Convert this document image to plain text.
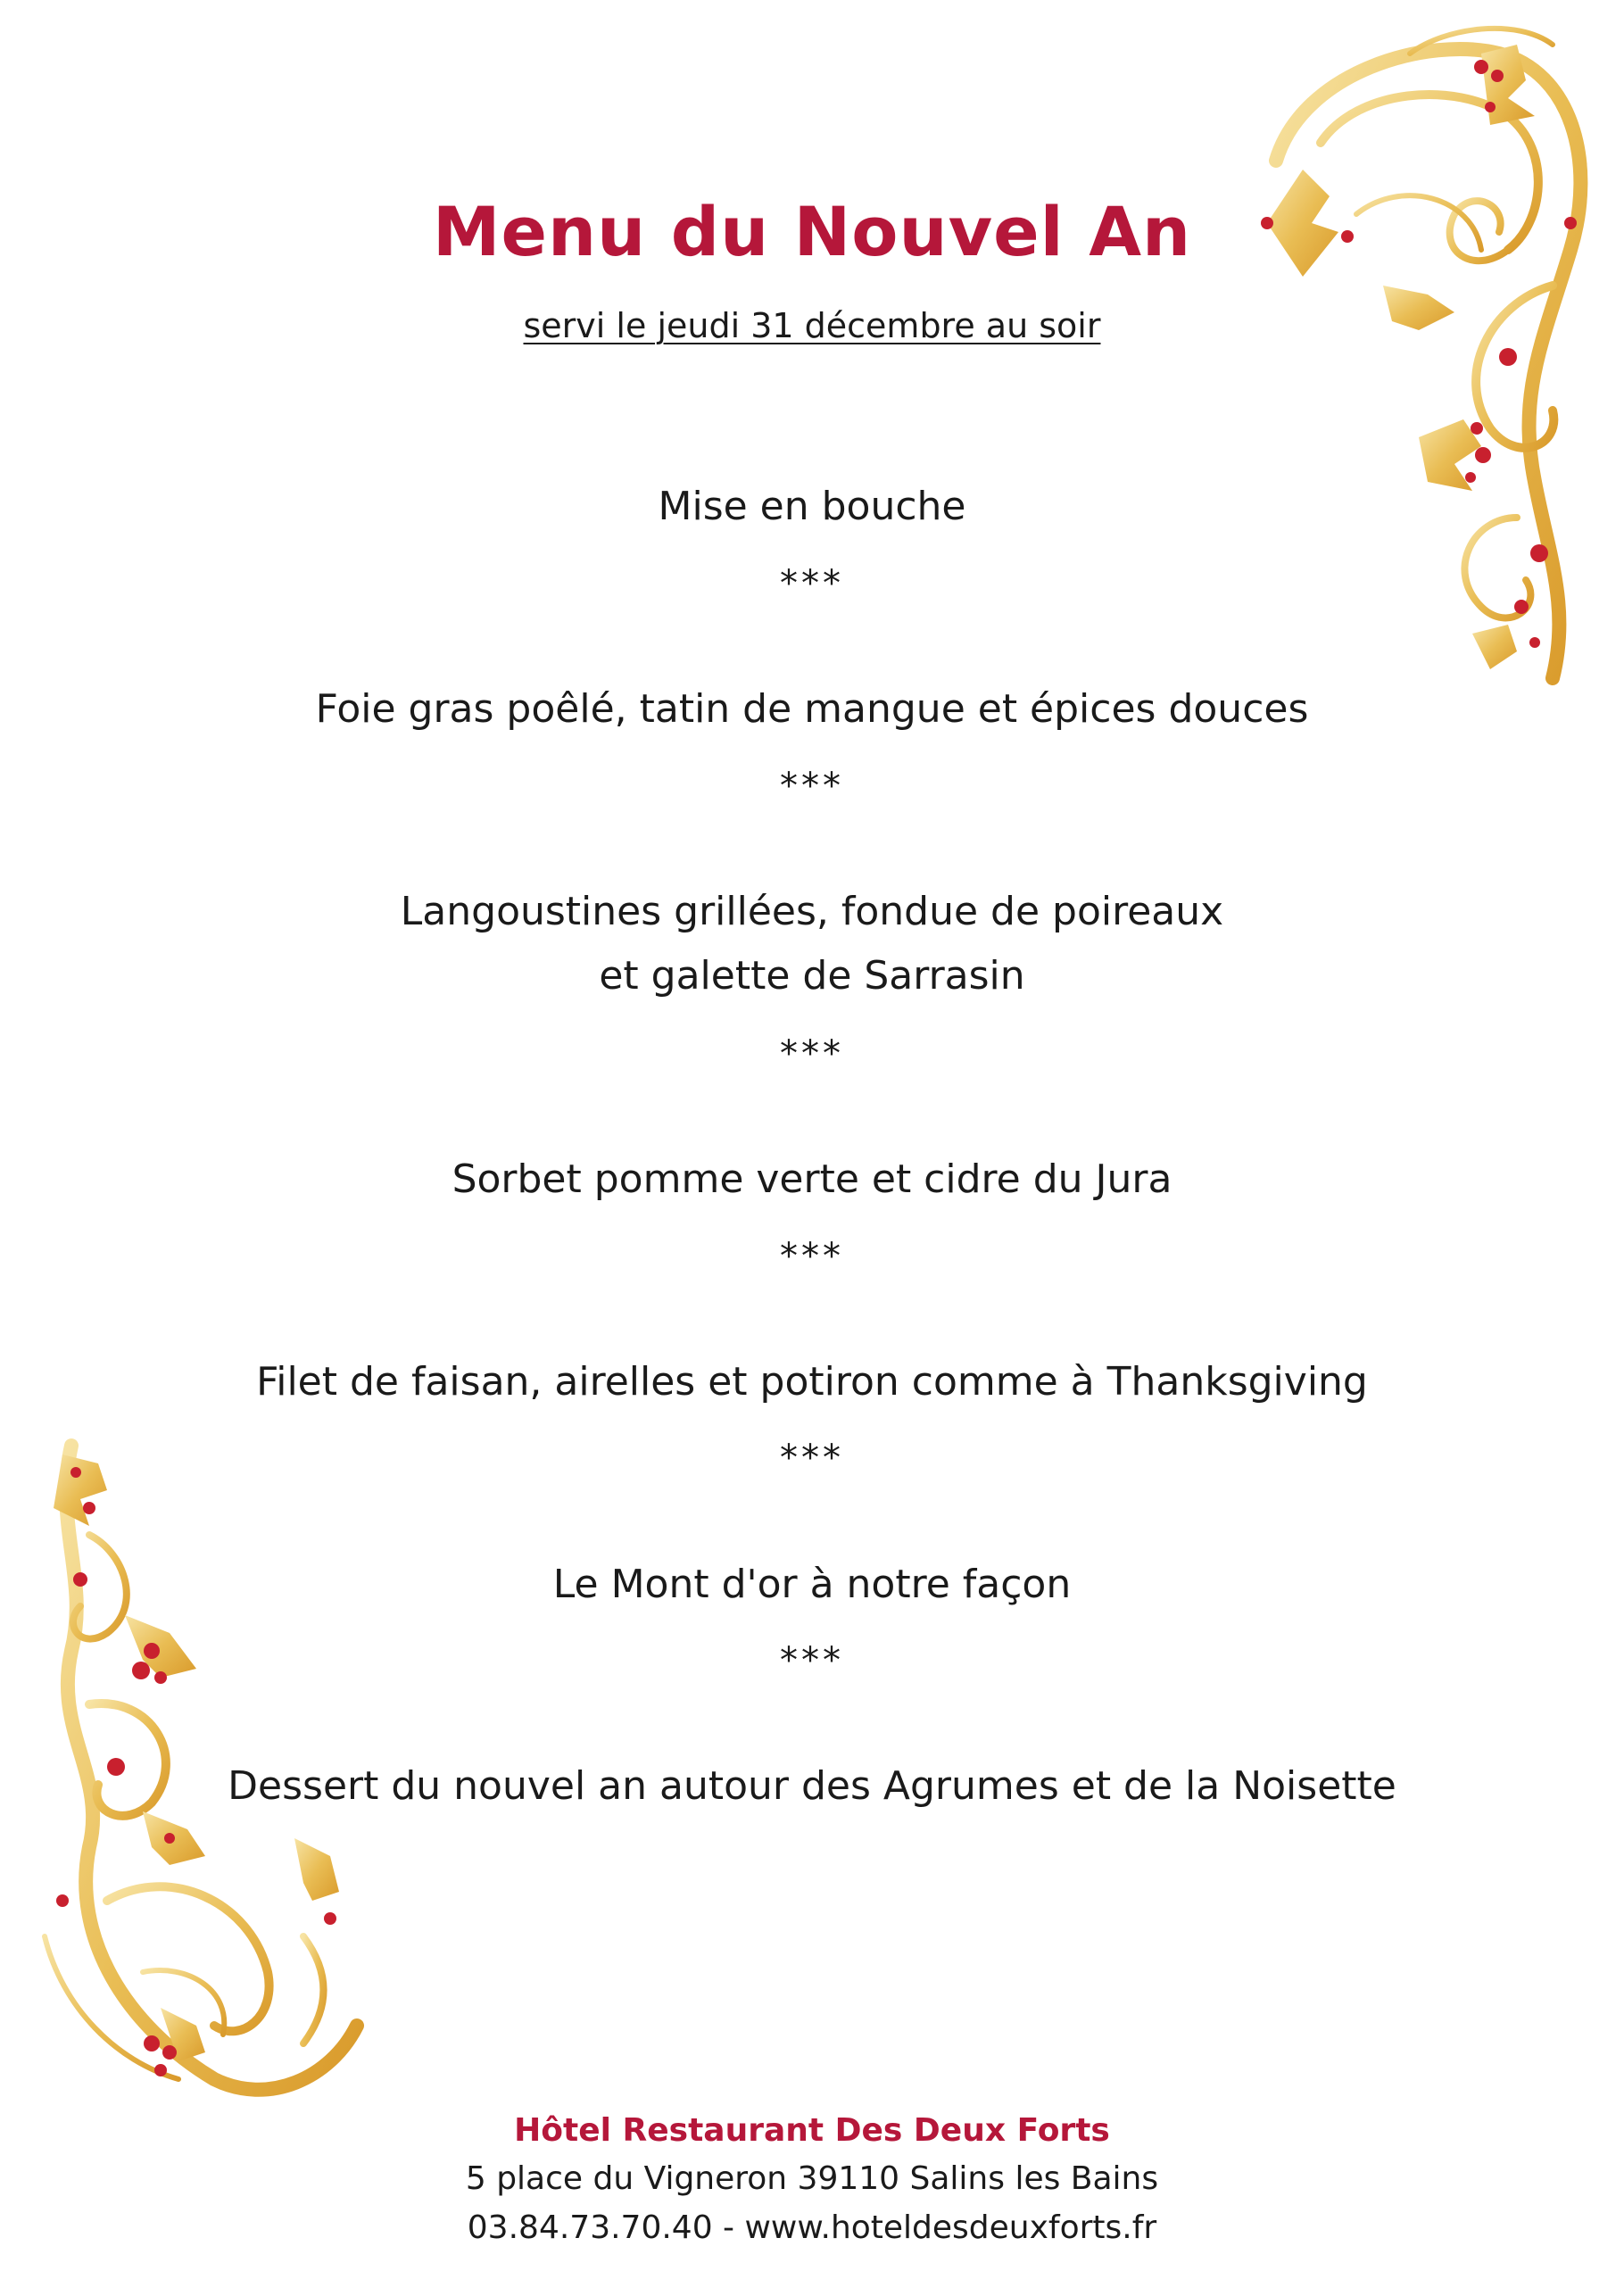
Menu du Nouvel An

servi le jeudi 31 décembre au soir

Mise en bouche

***

Foie gras poêlé, tatin de mangue et épices douces

***

Langoustines grillées, fondue de poireaux

et galette de Sarrasin

***

Sorbet pomme verte et cidre du Jura

***

Filet de faisan, airelles et potiron comme à Thanksgiving

***

Le Mont d'or à notre façon

***

Dessert du nouvel an autour des Agrumes et de la Noisette

Hôtel Restaurant Des Deux Forts

5 place du Vigneron 39110 Salins les Bains

03.84.73.70.40 - www.hoteldesdeuxforts.fr
